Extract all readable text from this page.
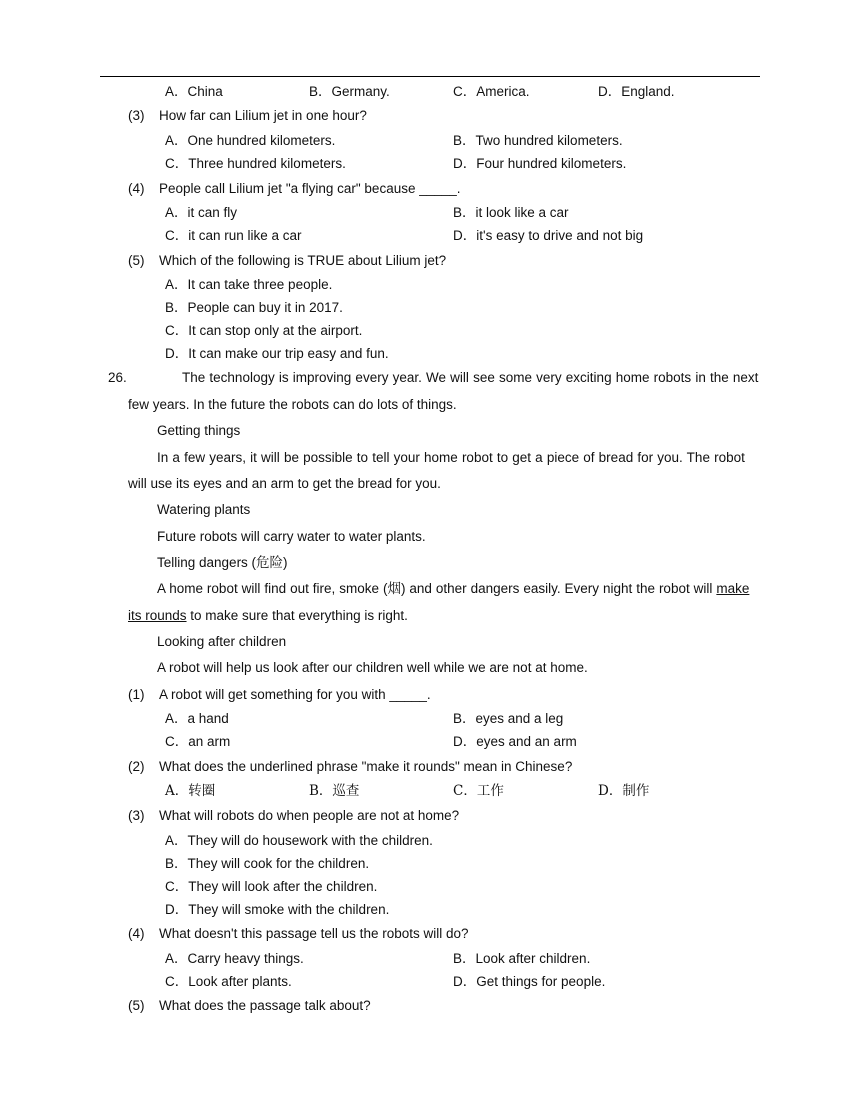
A．China	B．Germany.	C．America.	D．England.
(3) How far can Lilium jet in one hour?
A．One hundred kilometers.	B．Two hundred kilometers.
C．Three hundred kilometers.	D．Four hundred kilometers.
(4) People call Lilium jet "a flying car" because _____.
A．it can fly	B．it look like a car
C．it can run like a car	D．it's easy to drive and not big
(5) Which of the following is TRUE about Lilium jet?
A．It can take three people.
B．People can buy it in 2017.
C．It can stop only at the airport.
D．It can make our trip easy and fun.
26.	The technology is improving every year. We will see some very exciting home robots in the next
few years. In the future the robots can do lots of things.
Getting things
In a few years, it will be possible to tell your home robot to get a piece of bread for you. The robot
will use its eyes and an arm to get the bread for you.
Watering plants
Future robots will carry water to water plants.
Telling dangers (危险)
A home robot will find out fire, smoke (烟) and other dangers easily. Every night the robot will make
its rounds to make sure that everything is right.
Looking after children
A robot will help us look after our children well while we are not at home.
(1) A robot will get something for you with _____.
A．a hand	B．eyes and a leg
C．an arm	D．eyes and an arm
(2) What does the underlined phrase "make it rounds" mean in Chinese?
A．转圈	B．巡查	C．工作	D．制作
(3) What will robots do when people are not at home?
A．They will do housework with the children.
B．They will cook for the children.
C．They will look after the children.
D．They will smoke with the children.
(4) What doesn't this passage tell us the robots will do?
A．Carry heavy things.	B．Look after children.
C．Look after plants.	D．Get things for people.
(5) What does the passage talk about?
